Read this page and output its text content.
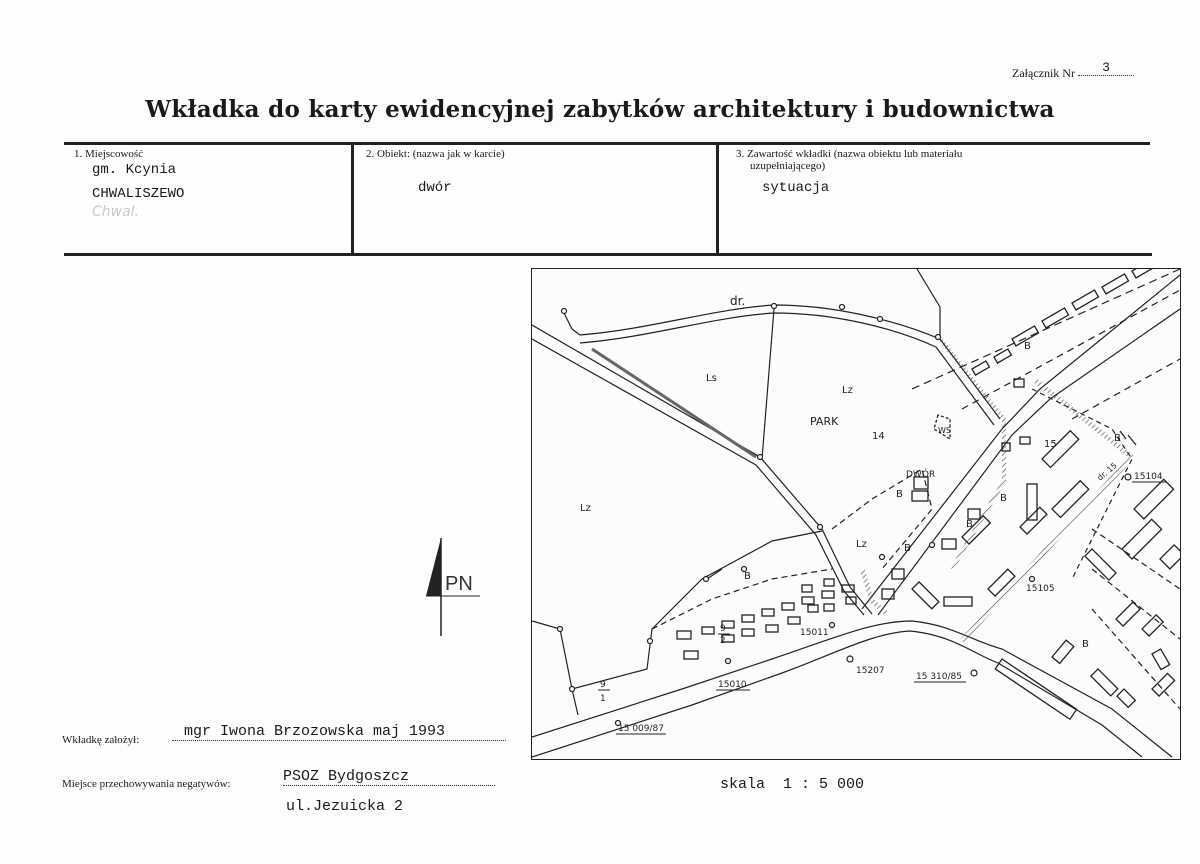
Załącznik Nr 3
Wkładka do karty ewidencyjnej zabytków architektury i budownictwa
1. Miejscowość
gm. Kcynia
CHWALISZEWO
Chwal.
2. Obiekt: (nazwa jak w karcie)
dwór
3. Zawartość wkładki (nazwa obiektu lub materiału
uzupełniającego)
sytuacja
PN
dr.
Ls
Lz
PARK
14
WS
DWÓR
B
B
B
B
B
B
B
B
15
dr. 15
Lz
Lz
9
2
9
1
15104
15105
15011
15010
15207
15 310/85
15 009/87
Wkładkę założył:	mgr Iwona Brzozowska maj 1993
Miejsce przechowywania negatywów:	PSOZ Bydgoszcz
ul.Jezuicka 2
skala  1 : 5 000
